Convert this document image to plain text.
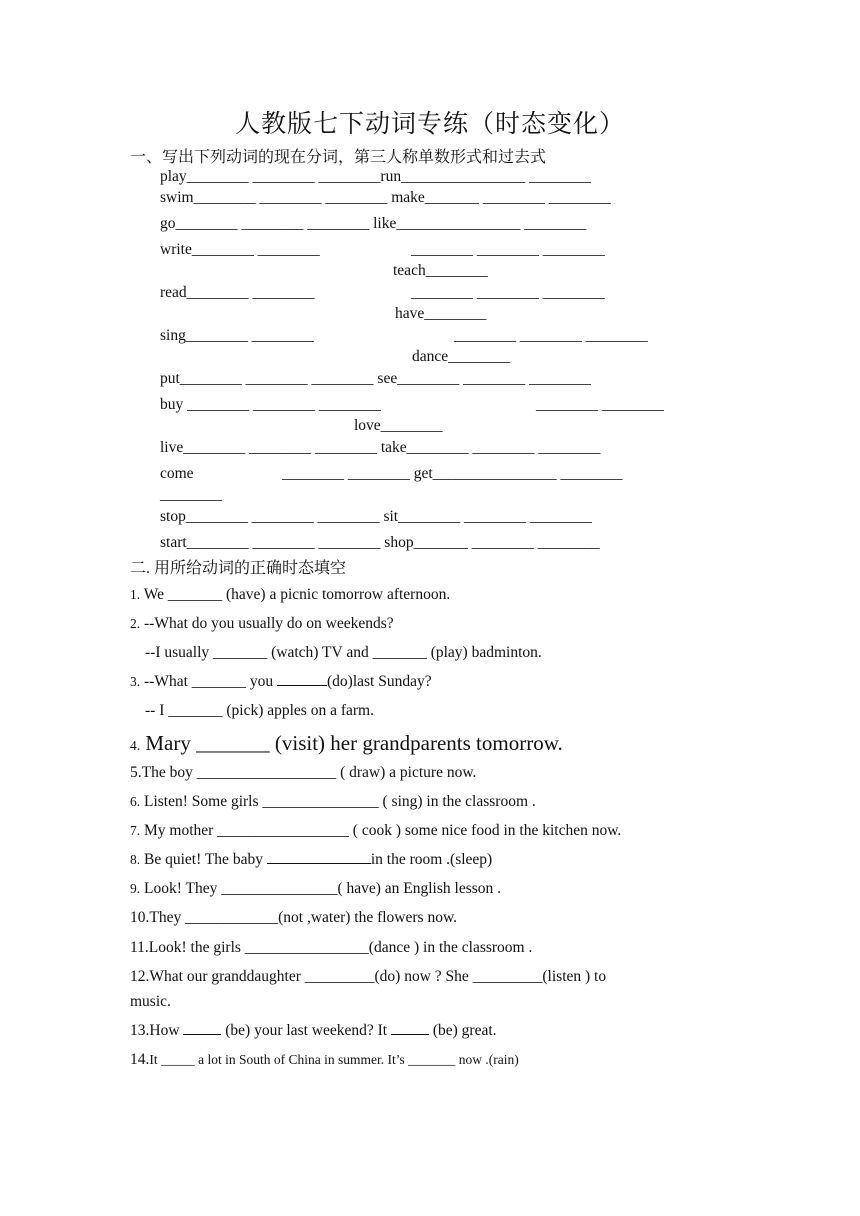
人教版七下动词专练（时态变化）
一、写出下列动词的现在分词，第三人称单数形式和过去式
play________ ________ ________run________________ ________
swim________ ________ ________ make_______ ________ ________
go________ ________ ________ like________________ ________
write________ ________	________ ________ ________
teach________
read________ ________	________ ________ ________
have________
sing________ ________	________ ________ ________
dance________
put________ ________ ________ see________ ________ ________
buy ________ ________ ________	________ ________
love________
live________ ________ ________ take________ ________ ________
come	________ ________ get________________ ________
________
stop________ ________ ________ sit________ ________ ________
start________ ________ ________ shop_______ ________ ________
二. 用所给动词的正确时态填空
1. We _______ (have) a picnic tomorrow afternoon.
2. --What do you usually do on weekends?
--I usually _______ (watch) TV and _______ (play) badminton.
3. --What _______ you	(do)last Sunday?
-- I _______ (pick) apples on a farm.
4. Mary _______ (visit) her grandparents tomorrow.
5.The boy __________________ ( draw) a picture now.
6. Listen! Some girls _______________ ( sing) in the classroom .
7. My mother _________________ ( cook ) some nice food in the kitchen now.
8. Be quiet! The baby	in the room .(sleep)
9. Look! They _______________( have) an English lesson .
10.They ____________(not ,water) the flowers now.
11.Look! the girls ________________(dance ) in the classroom .
12.What our granddaughter _________(do) now ? She _________(listen ) to
music.
13.How  (be) your last weekend? It  (be) great.
14.It _____ a lot in South of China in summer. It’s _______ now .(rain)
